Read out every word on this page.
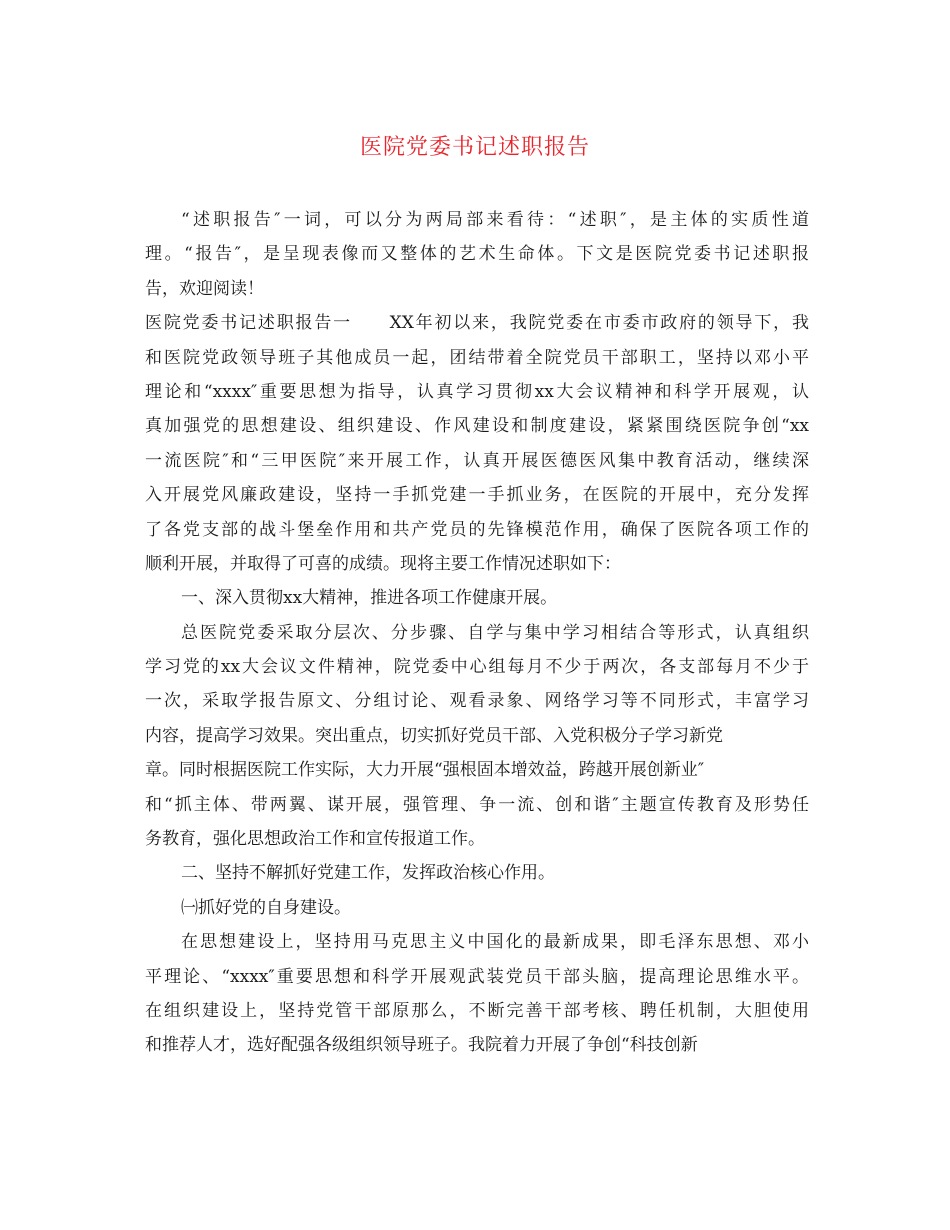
医院党委书记述职报告
“述职报告″一词，可以分为两局部来看待：“述职″，是主体的实质性道
理。“报告″，是呈现表像而又整体的艺术生命体。下文是医院党委书记述职报
告，欢迎阅读！
医院党委书记述职报告一　　XX年初以来，我院党委在市委市政府的领导下，我
和医院党政领导班子其他成员一起，团结带着全院党员干部职工，坚持以邓小平
理论和“xxxx″重要思想为指导，认真学习贯彻xx大会议精神和科学开展观，认
真加强党的思想建设、组织建设、作风建设和制度建设，紧紧围绕医院争创“xx
一流医院″和“三甲医院″来开展工作，认真开展医德医风集中教育活动，继续深
入开展党风廉政建设，坚持一手抓党建一手抓业务，在医院的开展中，充分发挥
了各党支部的战斗堡垒作用和共产党员的先锋模范作用，确保了医院各项工作的
顺利开展，并取得了可喜的成绩。现将主要工作情况述职如下：
一、深入贯彻xx大精神，推进各项工作健康开展。
总医院党委采取分层次、分步骤、自学与集中学习相结合等形式，认真组织
学习党的xx大会议文件精神，院党委中心组每月不少于两次，各支部每月不少于
一次，采取学报告原文、分组讨论、观看录象、网络学习等不同形式，丰富学习
内容，提高学习效果。突出重点，切实抓好党员干部、入党积极分子学习新党
章。同时根据医院工作实际，大力开展“强根固本增效益，跨越开展创新业″
和“抓主体、带两翼、谋开展，强管理、争一流、创和谐″主题宣传教育及形势任
务教育，强化思想政治工作和宣传报道工作。
二、坚持不解抓好党建工作，发挥政治核心作用。
㈠抓好党的自身建设。
在思想建设上，坚持用马克思主义中国化的最新成果，即毛泽东思想、邓小
平理论、“xxxx″重要思想和科学开展观武装党员干部头脑，提高理论思维水平。
在组织建设上，坚持党管干部原那么，不断完善干部考核、聘任机制，大胆使用
和推荐人才，选好配强各级组织领导班子。我院着力开展了争创“科技创新
